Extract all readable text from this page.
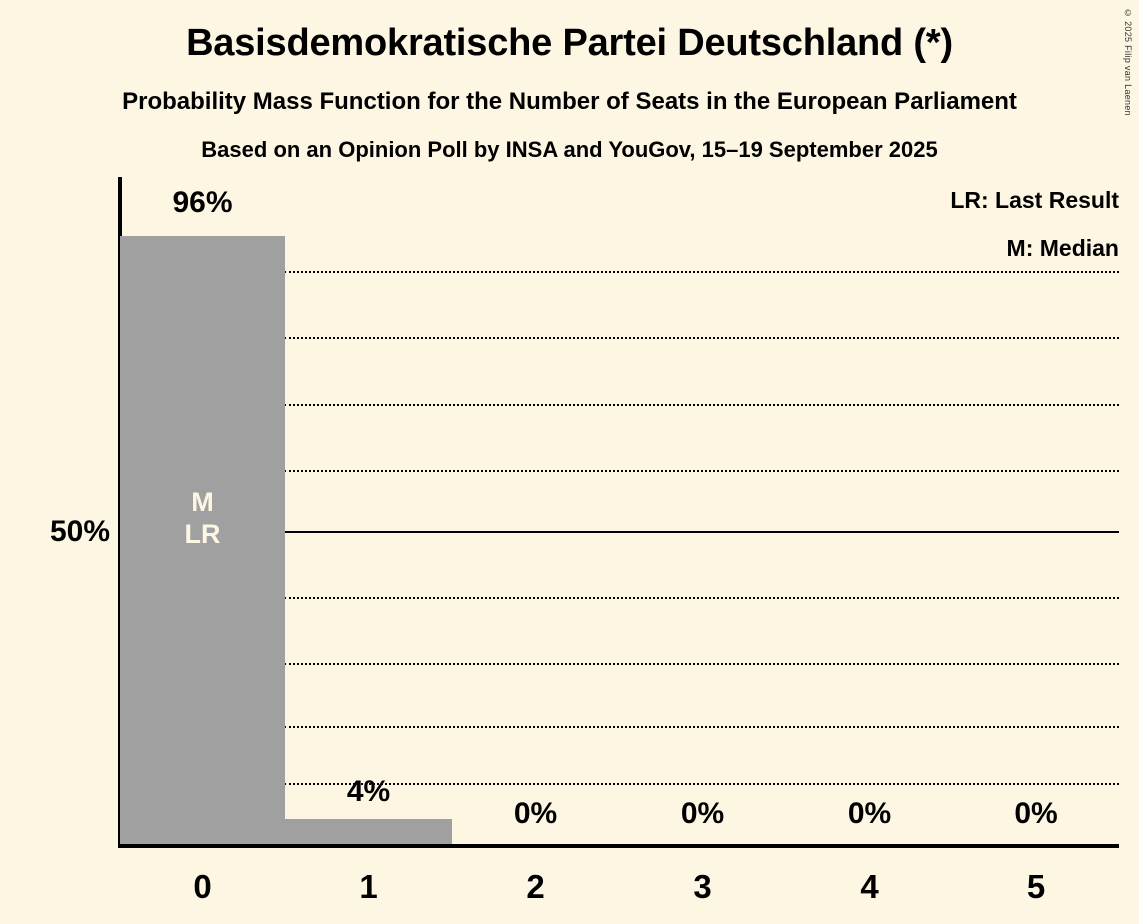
© 2025 Filip van Laenen
Basisdemokratische Partei Deutschland (*)
Probability Mass Function for the Number of Seats in the European Parliament
Based on an Opinion Poll by INSA and YouGov, 15–19 September 2025
50%
LR: Last Result
M: Median
M
LR
96%
4%
0%	0%	0%	0%
0	1	2	3	4	5
